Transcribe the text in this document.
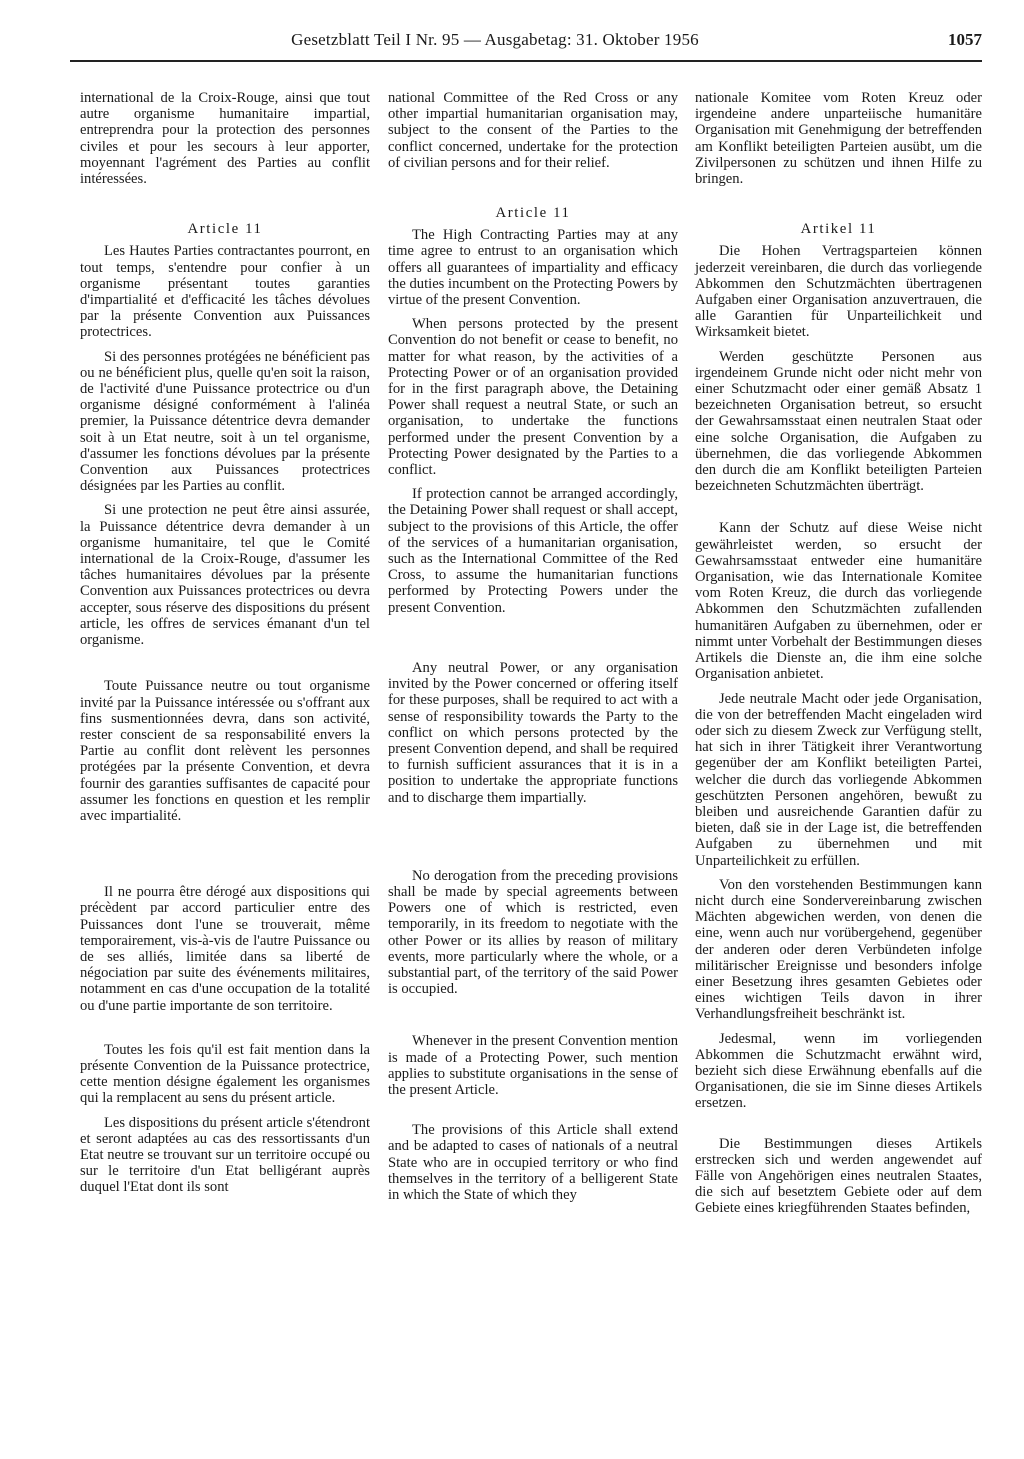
Gesetzblatt Teil I Nr. 95 — Ausgabetag: 31. Oktober 1956	1057

international de la Croix-Rouge, ainsi que tout autre organisme humanitaire impartial, entreprendra pour la protection des personnes civiles et pour les secours à leur apporter, moyennant l'agrément des Parties au conflit intéressées.

Article 11

Les Hautes Parties contractantes pourront, en tout temps, s'entendre pour confier à un organisme présentant toutes garanties d'impartialité et d'efficacité les tâches dévolues par la présente Convention aux Puissances protectrices.

Si des personnes protégées ne bénéficient pas ou ne bénéficient plus, quelle qu'en soit la raison, de l'activité d'une Puissance protectrice ou d'un organisme désigné conformément à l'alinéa premier, la Puissance détentrice devra demander soit à un Etat neutre, soit à un tel organisme, d'assumer les fonctions dévolues par la présente Convention aux Puissances protectrices désignées par les Parties au conflit.

Si une protection ne peut être ainsi assurée, la Puissance détentrice devra demander à un organisme humanitaire, tel que le Comité international de la Croix-Rouge, d'assumer les tâches humanitaires dévolues par la présente Convention aux Puissances protectrices ou devra accepter, sous réserve des dispositions du présent article, les offres de services émanant d'un tel organisme.

Toute Puissance neutre ou tout organisme invité par la Puissance intéressée ou s'offrant aux fins susmentionnées devra, dans son activité, rester conscient de sa responsabilité envers la Partie au conflit dont relèvent les personnes protégées par la présente Convention, et devra fournir des garanties suffisantes de capacité pour assumer les fonctions en question et les remplir avec impartialité.

Il ne pourra être dérogé aux dispositions qui précèdent par accord particulier entre des Puissances dont l'une se trouverait, même temporairement, vis-à-vis de l'autre Puissance ou de ses alliés, limitée dans sa liberté de négociation par suite des événements militaires, notamment en cas d'une occupation de la totalité ou d'une partie importante de son territoire.

Toutes les fois qu'il est fait mention dans la présente Convention de la Puissance protectrice, cette mention désigne également les organismes qui la remplacent au sens du présent article.

Les dispositions du présent article s'étendront et seront adaptées au cas des ressortissants d'un Etat neutre se trouvant sur un territoire occupé ou sur le territoire d'un Etat belligérant auprès duquel l'Etat dont ils sont

national Committee of the Red Cross or any other impartial humanitarian organisation may, subject to the consent of the Parties to the conflict concerned, undertake for the protection of civilian persons and for their relief.

Article 11

The High Contracting Parties may at any time agree to entrust to an organisation which offers all guarantees of impartiality and efficacy the duties incumbent on the Protecting Powers by virtue of the present Convention.

When persons protected by the present Convention do not benefit or cease to benefit, no matter for what reason, by the activities of a Protecting Power or of an organisation provided for in the first paragraph above, the Detaining Power shall request a neutral State, or such an organisation, to undertake the functions performed under the present Convention by a Protecting Power designated by the Parties to a conflict.

If protection cannot be arranged accordingly, the Detaining Power shall request or shall accept, subject to the provisions of this Article, the offer of the services of a humanitarian organisation, such as the International Committee of the Red Cross, to assume the humanitarian functions performed by Protecting Powers under the present Convention.

Any neutral Power, or any organisation invited by the Power concerned or offering itself for these purposes, shall be required to act with a sense of responsibility towards the Party to the conflict on which persons protected by the present Convention depend, and shall be required to furnish sufficient assurances that it is in a position to undertake the appropriate functions and to discharge them impartially.

No derogation from the preceding provisions shall be made by special agreements between Powers one of which is restricted, even temporarily, in its freedom to negotiate with the other Power or its allies by reason of military events, more particularly where the whole, or a substantial part, of the territory of the said Power is occupied.

Whenever in the present Convention mention is made of a Protecting Power, such mention applies to substitute organisations in the sense of the present Article.

The provisions of this Article shall extend and be adapted to cases of nationals of a neutral State who are in occupied territory or who find themselves in the territory of a belligerent State in which the State of which they

nationale Komitee vom Roten Kreuz oder irgendeine andere unparteiische humanitäre Organisation mit Genehmigung der betreffenden am Konflikt beteiligten Parteien ausübt, um die Zivilpersonen zu schützen und ihnen Hilfe zu bringen.

Artikel 11

Die Hohen Vertragsparteien können jederzeit vereinbaren, die durch das vorliegende Abkommen den Schutzmächten übertragenen Aufgaben einer Organisation anzuvertrauen, die alle Garantien für Unparteilichkeit und Wirksamkeit bietet.

Werden geschützte Personen aus irgendeinem Grunde nicht oder nicht mehr von einer Schutzmacht oder einer gemäß Absatz 1 bezeichneten Organisation betreut, so ersucht der Gewahrsamsstaat einen neutralen Staat oder eine solche Organisation, die Aufgaben zu übernehmen, die das vorliegende Abkommen den durch die am Konflikt beteiligten Parteien bezeichneten Schutzmächten überträgt.

Kann der Schutz auf diese Weise nicht gewährleistet werden, so ersucht der Gewahrsamsstaat entweder eine humanitäre Organisation, wie das Internationale Komitee vom Roten Kreuz, die durch das vorliegende Abkommen den Schutzmächten zufallenden humanitären Aufgaben zu übernehmen, oder er nimmt unter Vorbehalt der Bestimmungen dieses Artikels die Dienste an, die ihm eine solche Organisation anbietet.

Jede neutrale Macht oder jede Organisation, die von der betreffenden Macht eingeladen wird oder sich zu diesem Zweck zur Verfügung stellt, hat sich in ihrer Tätigkeit ihrer Verantwortung gegenüber der am Konflikt beteiligten Partei, welcher die durch das vorliegende Abkommen geschützten Personen angehören, bewußt zu bleiben und ausreichende Garantien dafür zu bieten, daß sie in der Lage ist, die betreffenden Aufgaben zu übernehmen und mit Unparteilichkeit zu erfüllen.

Von den vorstehenden Bestimmungen kann nicht durch eine Sondervereinbarung zwischen Mächten abgewichen werden, von denen die eine, wenn auch nur vorübergehend, gegenüber der anderen oder deren Verbündeten infolge militärischer Ereignisse und besonders infolge einer Besetzung ihres gesamten Gebietes oder eines wichtigen Teils davon in ihrer Verhandlungsfreiheit beschränkt ist.

Jedesmal, wenn im vorliegenden Abkommen die Schutzmacht erwähnt wird, bezieht sich diese Erwähnung ebenfalls auf die Organisationen, die sie im Sinne dieses Artikels ersetzen.

Die Bestimmungen dieses Artikels erstrecken sich und werden angewendet auf Fälle von Angehörigen eines neutralen Staates, die sich auf besetztem Gebiete oder auf dem Gebiete eines kriegführenden Staates befinden,
